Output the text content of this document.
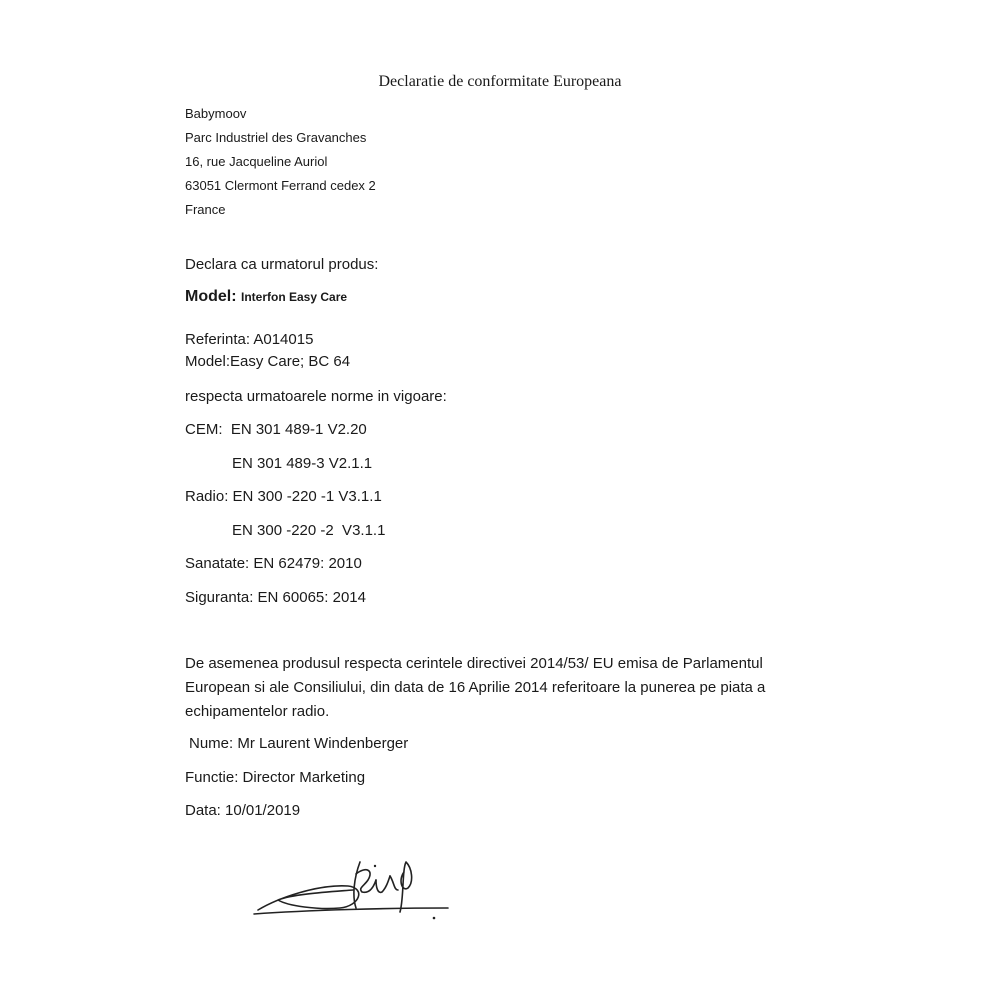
Declaratie de conformitate Europeana
Babymoov
Parc Industriel des Gravanches
16, rue Jacqueline Auriol
63051 Clermont Ferrand cedex 2
France
Declara ca urmatorul produs:
Model: Interfon Easy Care
Referinta: A014015
Model:Easy Care; BC 64
respecta urmatoarele norme in vigoare:
CEM:  EN 301 489-1 V2.20
EN 301 489-3 V2.1.1
Radio: EN 300 -220 -1 V3.1.1
EN 300 -220 -2  V3.1.1
Sanatate: EN 62479: 2010
Siguranta: EN 60065: 2014
De asemenea produsul respecta cerintele directivei 2014/53/ EU emisa de Parlamentul European si ale Consiliului, din data de 16 Aprilie 2014 referitoare la punerea pe piata a echipamentelor radio.
Nume: Mr Laurent Windenberger
Functie: Director Marketing
Data: 10/01/2019
